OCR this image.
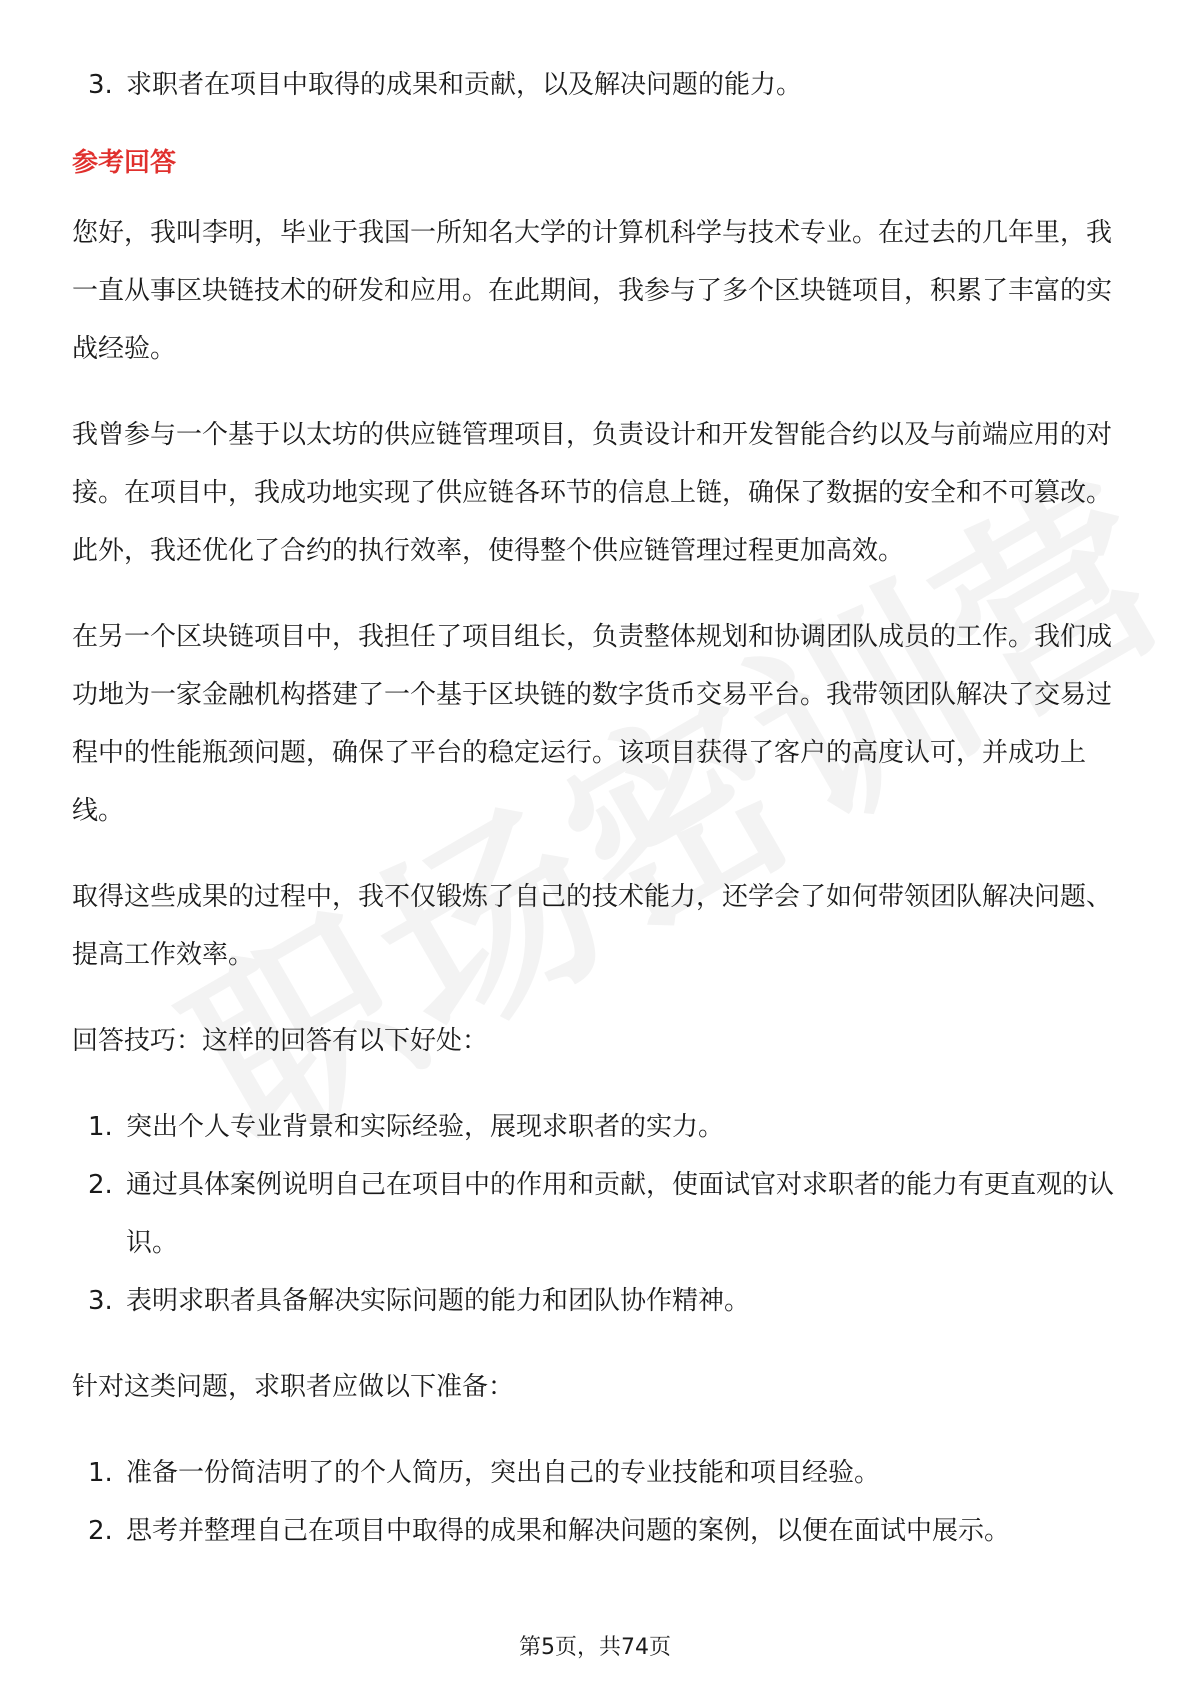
3. 求职者在项目中取得的成果和贡献，以及解决问题的能力。

参考回答

您好，我叫李明，毕业于我国一所知名大学的计算机科学与技术专业。在过去的几年里，我一直从事区块链技术的研发和应用。在此期间，我参与了多个区块链项目，积累了丰富的实战经验。

我曾参与一个基于以太坊的供应链管理项目，负责设计和开发智能合约以及与前端应用的对接。在项目中，我成功地实现了供应链各环节的信息上链，确保了数据的安全和不可篡改。此外，我还优化了合约的执行效率，使得整个供应链管理过程更加高效。

在另一个区块链项目中，我担任了项目组长，负责整体规划和协调团队成员的工作。我们成功地为一家金融机构搭建了一个基于区块链的数字货币交易平台。我带领团队解决了交易过程中的性能瓶颈问题，确保了平台的稳定运行。该项目获得了客户的高度认可，并成功上线。

取得这些成果的过程中，我不仅锻炼了自己的技术能力，还学会了如何带领团队解决问题、提高工作效率。

回答技巧：这样的回答有以下好处：

1. 突出个人专业背景和实际经验，展现求职者的实力。
2. 通过具体案例说明自己在项目中的作用和贡献，使面试官对求职者的能力有更直观的认识。
3. 表明求职者具备解决实际问题的能力和团队协作精神。

针对这类问题，求职者应做以下准备：

1. 准备一份简洁明了的个人简历，突出自己的专业技能和项目经验。
2. 思考并整理自己在项目中取得的成果和解决问题的案例，以便在面试中展示。
第5页，共74页
